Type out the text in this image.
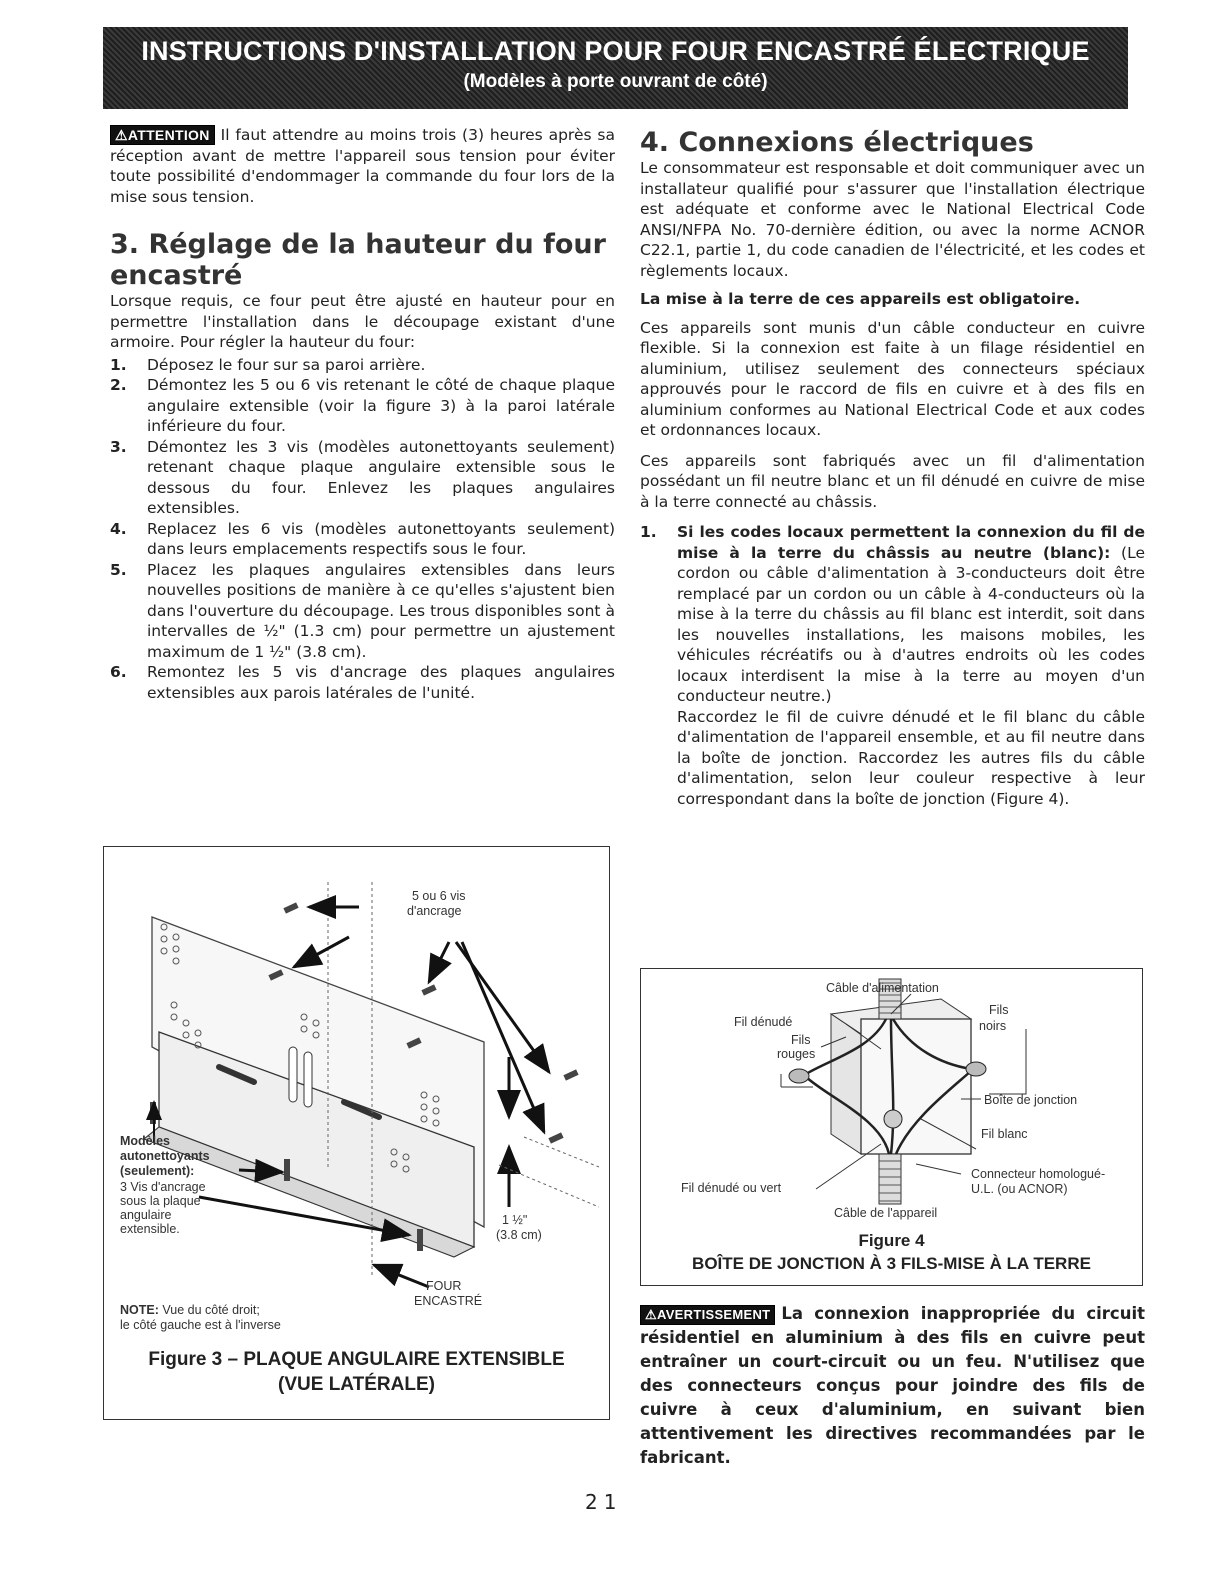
INSTRUCTIONS D'INSTALLATION POUR FOUR ENCASTRÉ ÉLECTRIQUE
(Modèles à porte ouvrant de côté)

⚠ATTENTION Il faut attendre au moins trois (3) heures après sa réception avant de mettre l'appareil sous tension pour éviter toute possibilité d'endommager la commande du four lors de la mise sous tension.

3. Réglage de la hauteur du four encastré

Lorsque requis, ce four peut être ajusté en hauteur pour en permettre l'installation dans le découpage existant d'une armoire. Pour régler la hauteur du four:

1. Déposez le four sur sa paroi arrière.
2. Démontez les 5 ou 6 vis retenant le côté de chaque plaque angulaire extensible (voir la figure 3) à la paroi latérale inférieure du four.
3. Démontez les 3 vis (modèles autonettoyants seulement) retenant chaque plaque angulaire extensible sous le dessous du four. Enlevez les plaques angulaires extensibles.
4. Replacez les 6 vis (modèles autonettoyants seulement) dans leurs emplacements respectifs sous le four.
5. Placez les plaques angulaires extensibles dans leurs nouvelles positions de manière à ce qu'elles s'ajustent bien dans l'ouverture du découpage. Les trous disponibles sont à intervalles de ½" (1.3 cm) pour permettre un ajustement maximum de 1 ½" (3.8 cm).
6. Remontez les 5 vis d'ancrage des plaques angulaires extensibles aux parois latérales de l'unité.
5 ou 6 vis
d'ancrage
Modèles
autonettoyants
(seulement):
3 Vis d'ancrage
sous la plaque
angulaire
extensible.
1 ½"
(3.8 cm)
FOUR
ENCASTRÉ
NOTE: Vue du côté droit;
le côté gauche est à l'inverse
Figure 3 – PLAQUE ANGULAIRE EXTENSIBLE
(VUE LATÉRALE)
4. Connexions électriques

Le consommateur est responsable et doit communiquer avec un installateur qualifié pour s'assurer que l'installation électrique est adéquate et conforme avec le National Electrical Code ANSI/NFPA No. 70-dernière édition, ou avec la norme ACNOR C22.1, partie 1, du code canadien de l'électricité, et les codes et règlements locaux.

La mise à la terre de ces appareils est obligatoire.

Ces appareils sont munis d'un câble conducteur en cuivre flexible. Si la connexion est faite à un filage résidentiel en aluminium, utilisez seulement des connecteurs spéciaux approuvés pour le raccord de fils en cuivre et à des fils en aluminium conformes au National Electrical Code et aux codes et ordonnances locaux.

Ces appareils sont fabriqués avec un fil d'alimentation possédant un fil neutre blanc et un fil dénudé en cuivre de mise à la terre connecté au châssis.

1. Si les codes locaux permettent la connexion du fil de mise à la terre du châssis au neutre (blanc): (Le cordon ou câble d'alimentation à 3-conducteurs doit être remplacé par un cordon ou un câble à 4-conducteurs où la mise à la terre du châssis au fil blanc est interdit, soit dans les nouvelles installations, les maisons mobiles, les véhicules récréatifs ou à d'autres endroits où les codes locaux interdisent la mise à la terre au moyen d'un conducteur neutre.)
Raccordez le fil de cuivre dénudé et le fil blanc du câble d'alimentation de l'appareil ensemble, et au fil neutre dans la boîte de jonction. Raccordez les autres fils du câble d'alimentation, selon leur couleur respective à leur correspondant dans la boîte de jonction (Figure 4).
Câble d'alimentation
Fil dénudé
Fils
rouges
Fils
noirs
Boîte de jonction
Fil blanc
Connecteur homologué-
U.L. (ou ACNOR)
Fil dénudé ou vert
Câble de l'appareil
Figure 4
BOÎTE DE JONCTION À 3 FILS-MISE À LA TERRE
⚠AVERTISSEMENT La connexion inappropriée du circuit résidentiel en aluminium à des fils en cuivre peut entraîner un court-circuit ou un feu. N'utilisez que des connecteurs conçus pour joindre des fils de cuivre à ceux d'aluminium, en suivant bien attentivement les directives recommandées par le fabricant.
21
